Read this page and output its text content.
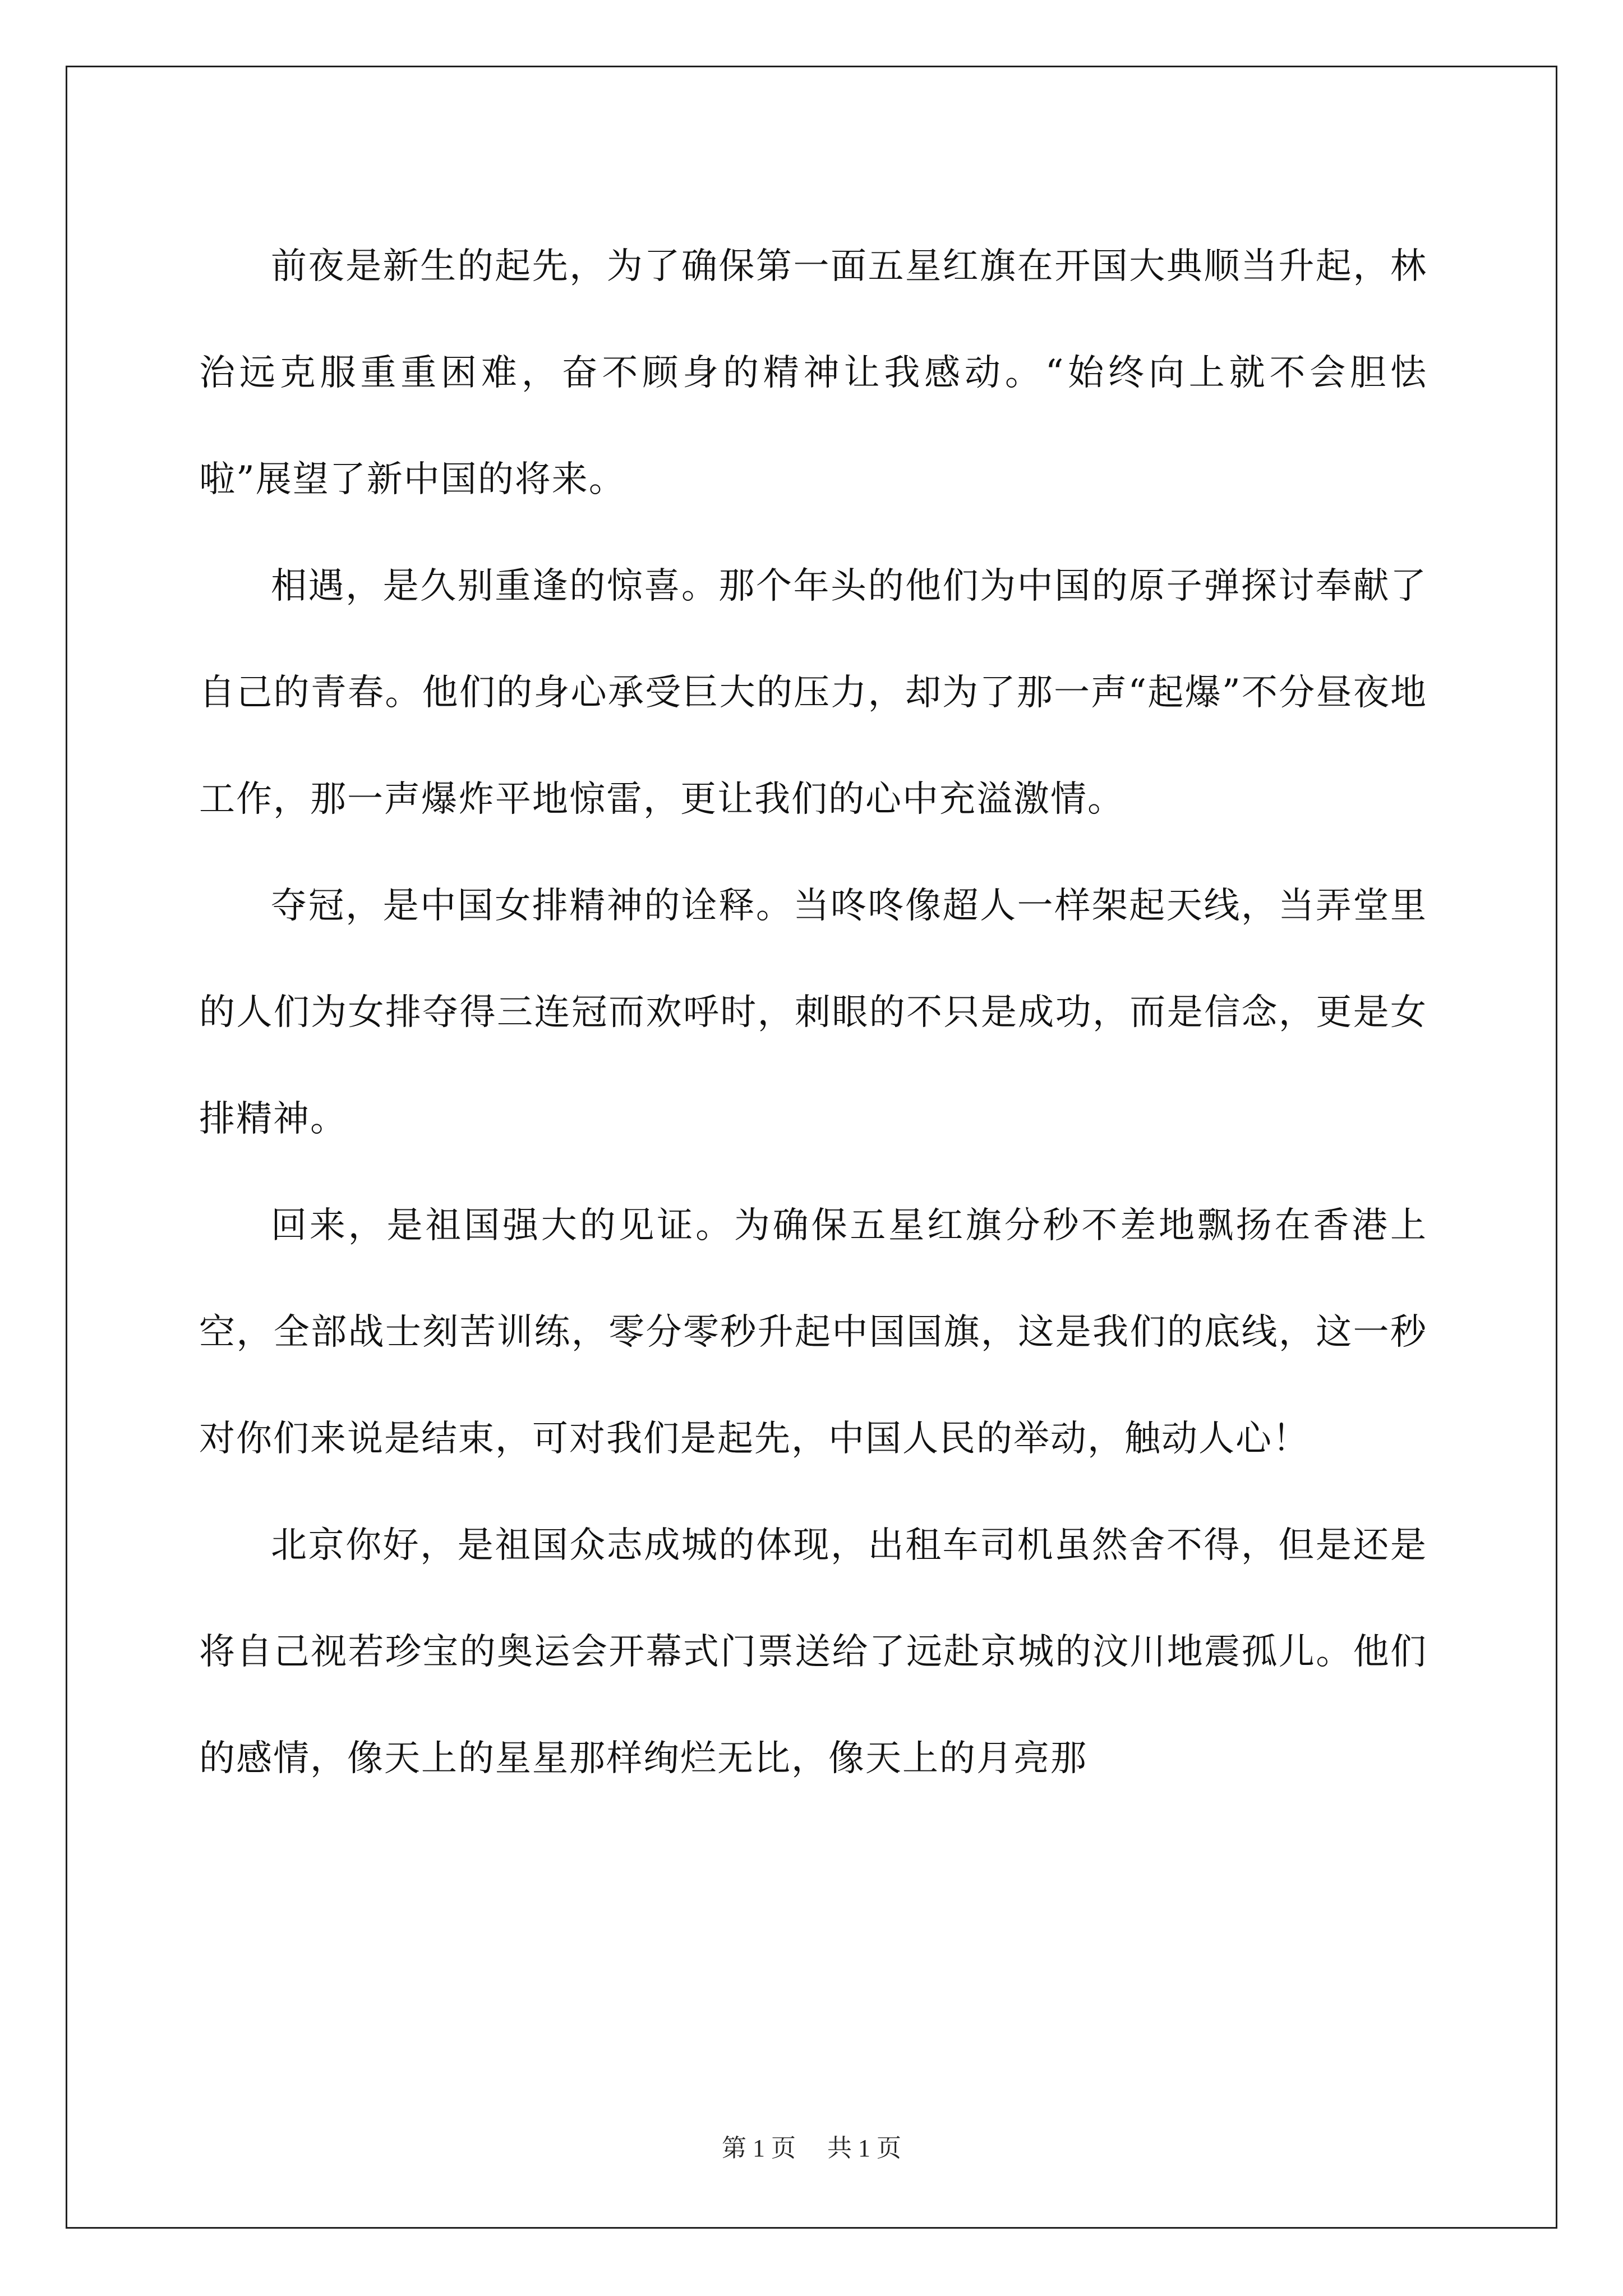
前夜是新生的起先，为了确保第一面五星红旗在开国大典顺当升起，林治远克服重重困难，奋不顾身的精神让我感动。“始终向上就不会胆怯 啦”展望了新中国的将来。

相遇，是久别重逢的惊喜。那个年头的他们为中国的原子弹探讨奉献了自己的青春。他们的身心承受巨大的压力，却为了那一声“起爆”不分昼夜地工作，那一声爆炸平地惊雷，更让我们的心中充溢激情。

夺冠，是中国女排精神的诠释。当咚咚像超人一样架起天线，当弄堂里的人们为女排夺得三连冠而欢呼时，刺眼的不只是成功，而是信念，更是女排精神。

回来，是祖国强大的见证。为确保五星红旗分秒不差地飘扬在香港上空，全部战士刻苦训练，零分零秒升起中国国旗，这是我们的底线，这一秒对你们来说是结束，可对我们是起先，中国人民的举动，触动人心！

北京你好，是祖国众志成城的体现，出租车司机虽然舍不得，但是还是将自己视若珍宝的奥运会开幕式门票送给了远赴京城的汶川地震孤儿。他们的感情，像天上的星星那样绚烂无比，像天上的月亮那

第 1 页 共 1 页
